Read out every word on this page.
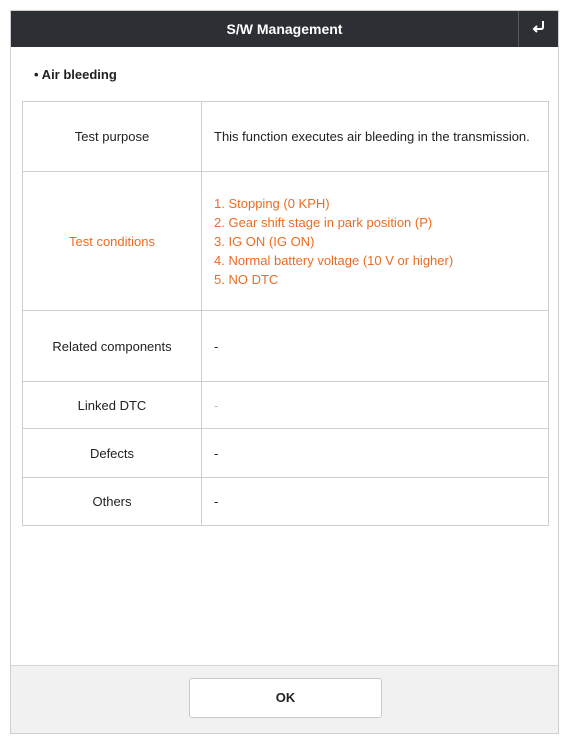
S/W Management
• Air bleeding
Test purpose	This function executes air bleeding in the transmission.
Test conditions	1. Stopping (0 KPH)
2. Gear shift stage in park position (P)
3. IG ON (IG ON)
4. Normal battery voltage (10 V or higher)
5. NO DTC

Related components	-
Linked DTC	-
Defects	-
Others	-
OK
